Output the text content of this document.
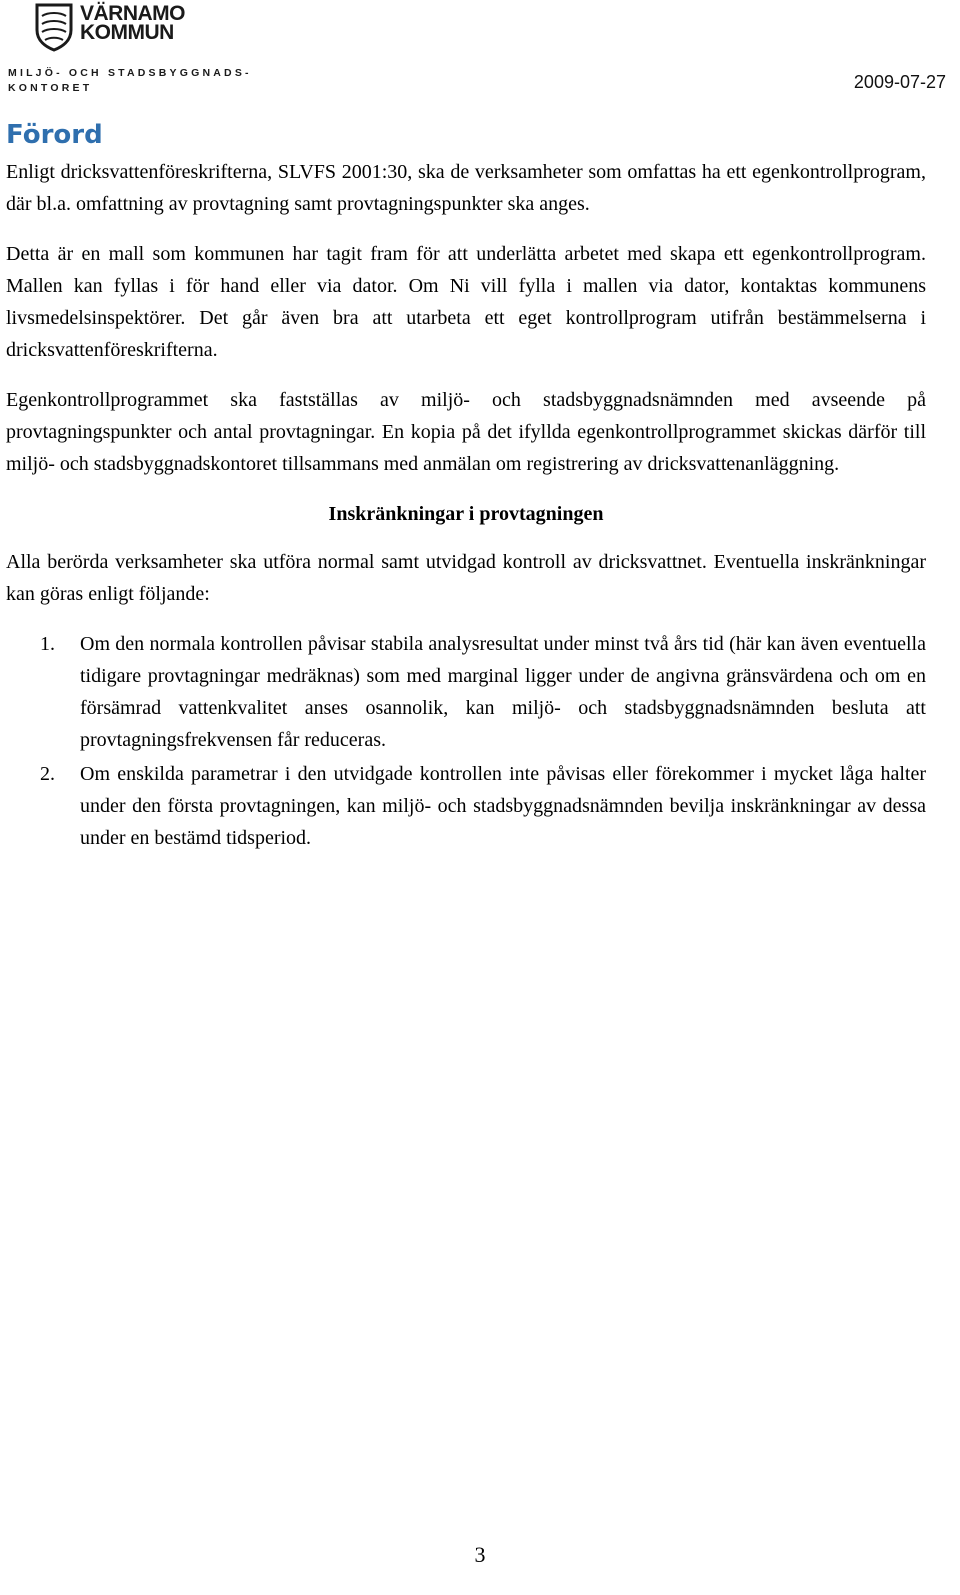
VÄRNAMO
KOMMUN
MILJÖ- OCH STADSBYGGNADS-
KONTORET	2009-07-27
Förord

Enligt dricksvattenföreskrifterna, SLVFS 2001:30, ska de verksamheter som omfattas ha ett egenkontrollprogram, där bl.a. omfattning av provtagning samt provtagningspunkter ska anges.

Detta är en mall som kommunen har tagit fram för att underlätta arbetet med skapa ett egenkontrollprogram. Mallen kan fyllas i för hand eller via dator. Om Ni vill fylla i mallen via dator, kontaktas kommunens livsmedelsinspektörer. Det går även bra att utarbeta ett eget kontrollprogram utifrån bestämmelserna i dricksvattenföreskrifterna.

Egenkontrollprogrammet ska fastställas av miljö- och stadsbyggnadsnämnden med avseende på provtagningspunkter och antal provtagningar. En kopia på det ifyllda egenkontrollprogrammet skickas därför till miljö- och stadsbyggnadskontoret tillsammans med anmälan om registrering av dricksvattenanläggning.

Inskränkningar i provtagningen

Alla berörda verksamheter ska utföra normal samt utvidgad kontroll av dricksvattnet. Eventuella inskränkningar kan göras enligt följande:

1. Om den normala kontrollen påvisar stabila analysresultat under minst två års tid (här kan även eventuella tidigare provtagningar medräknas) som med marginal ligger under de angivna gränsvärdena och om en försämrad vattenkvalitet anses osannolik, kan miljö- och stadsbyggnadsnämnden besluta att provtagningsfrekvensen får reduceras.
2. Om enskilda parametrar i den utvidgade kontrollen inte påvisas eller förekommer i mycket låga halter under den första provtagningen, kan miljö- och stadsbyggnadsnämnden bevilja inskränkningar av dessa under en bestämd tidsperiod.
3
